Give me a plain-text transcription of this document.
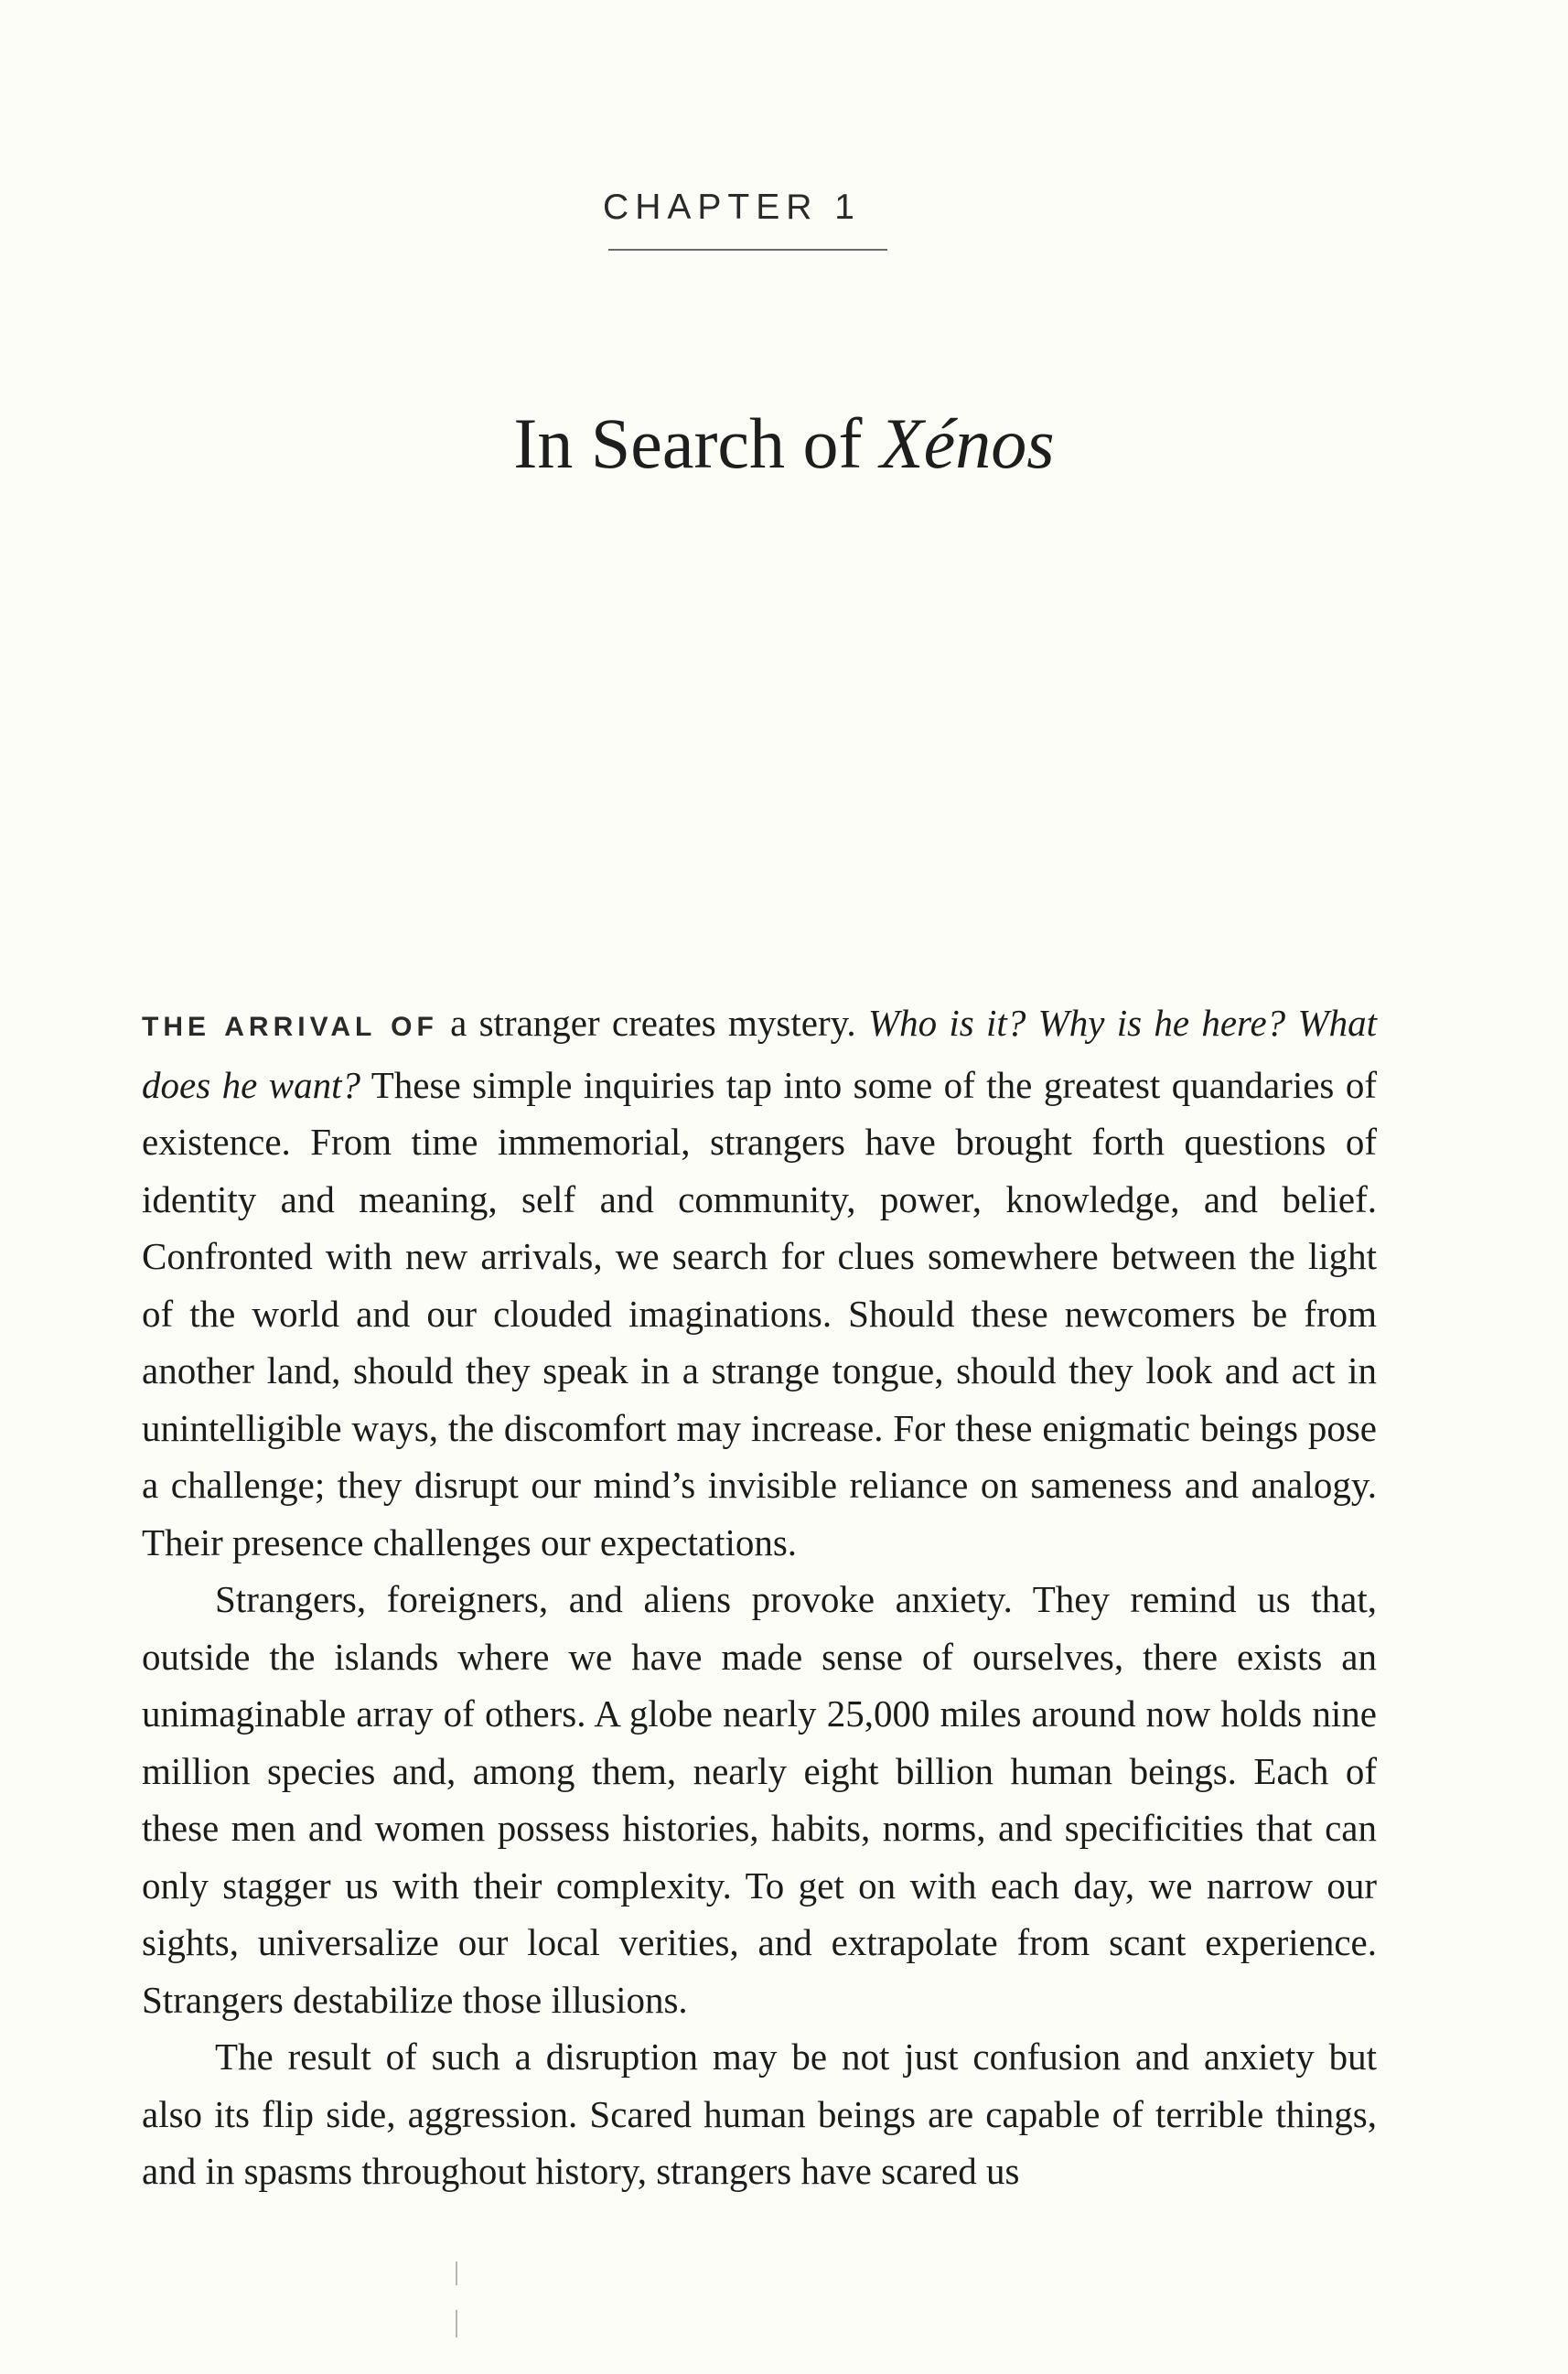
CHAPTER 1
In Search of Xénos

THE ARRIVAL OF a stranger creates mystery. Who is it? Why is he here? What does he want? These simple inquiries tap into some of the greatest quandaries of existence. From time immemorial, strangers have brought forth questions of identity and meaning, self and community, power, knowledge, and belief. Confronted with new arrivals, we search for clues somewhere between the light of the world and our clouded imaginations. Should these newcomers be from another land, should they speak in a strange tongue, should they look and act in unintelligible ways, the discomfort may increase. For these enigmatic beings pose a challenge; they disrupt our mind’s invisible reliance on sameness and analogy. Their presence challenges our expectations.

Strangers, foreigners, and aliens provoke anxiety. They remind us that, outside the islands where we have made sense of ourselves, there exists an unimaginable array of others. A globe nearly 25,000 miles around now holds nine million species and, among them, nearly eight billion human beings. Each of these men and women possess histories, habits, norms, and specificities that can only stagger us with their complexity. To get on with each day, we narrow our sights, universalize our local verities, and extrapolate from scant experience. Strangers destabilize those illusions.

The result of such a disruption may be not just confusion and anxiety but also its flip side, aggression. Scared human beings are capable of terrible things, and in spasms throughout history, strangers have scared us
